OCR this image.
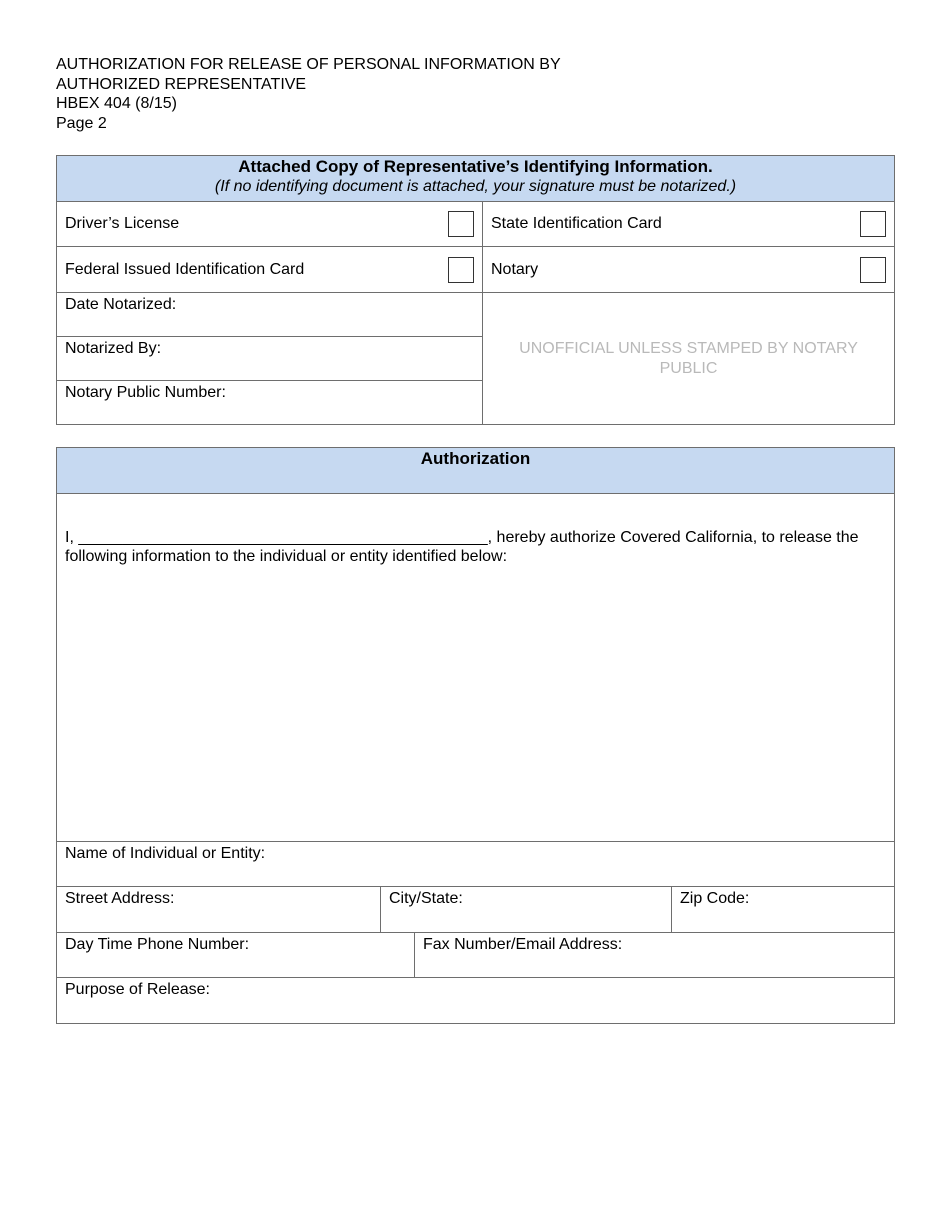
AUTHORIZATION FOR RELEASE OF PERSONAL INFORMATION BY
AUTHORIZED REPRESENTATIVE
HBEX 404 (8/15)
Page 2
Attached Copy of Representative’s Identifying Information.
(If no identifying document is attached, your signature must be notarized.)	

Driver’s License	State Identification Card

Federal Issued Identification Card	Notary

Date Notarized:	UNOFFICIAL UNLESS STAMPED BY NOTARY PUBLIC

Notarized By:	

Notary Public Number:	
Authorization			

I, ______________________________________________, hereby authorize Covered California, to release the following information to the individual or entity identified below:			

Name of Individual or Entity:			

Street Address:	City/State:		Zip Code:

Day Time Phone Number:		Fax Number/Email Address:	

Purpose of Release:			
